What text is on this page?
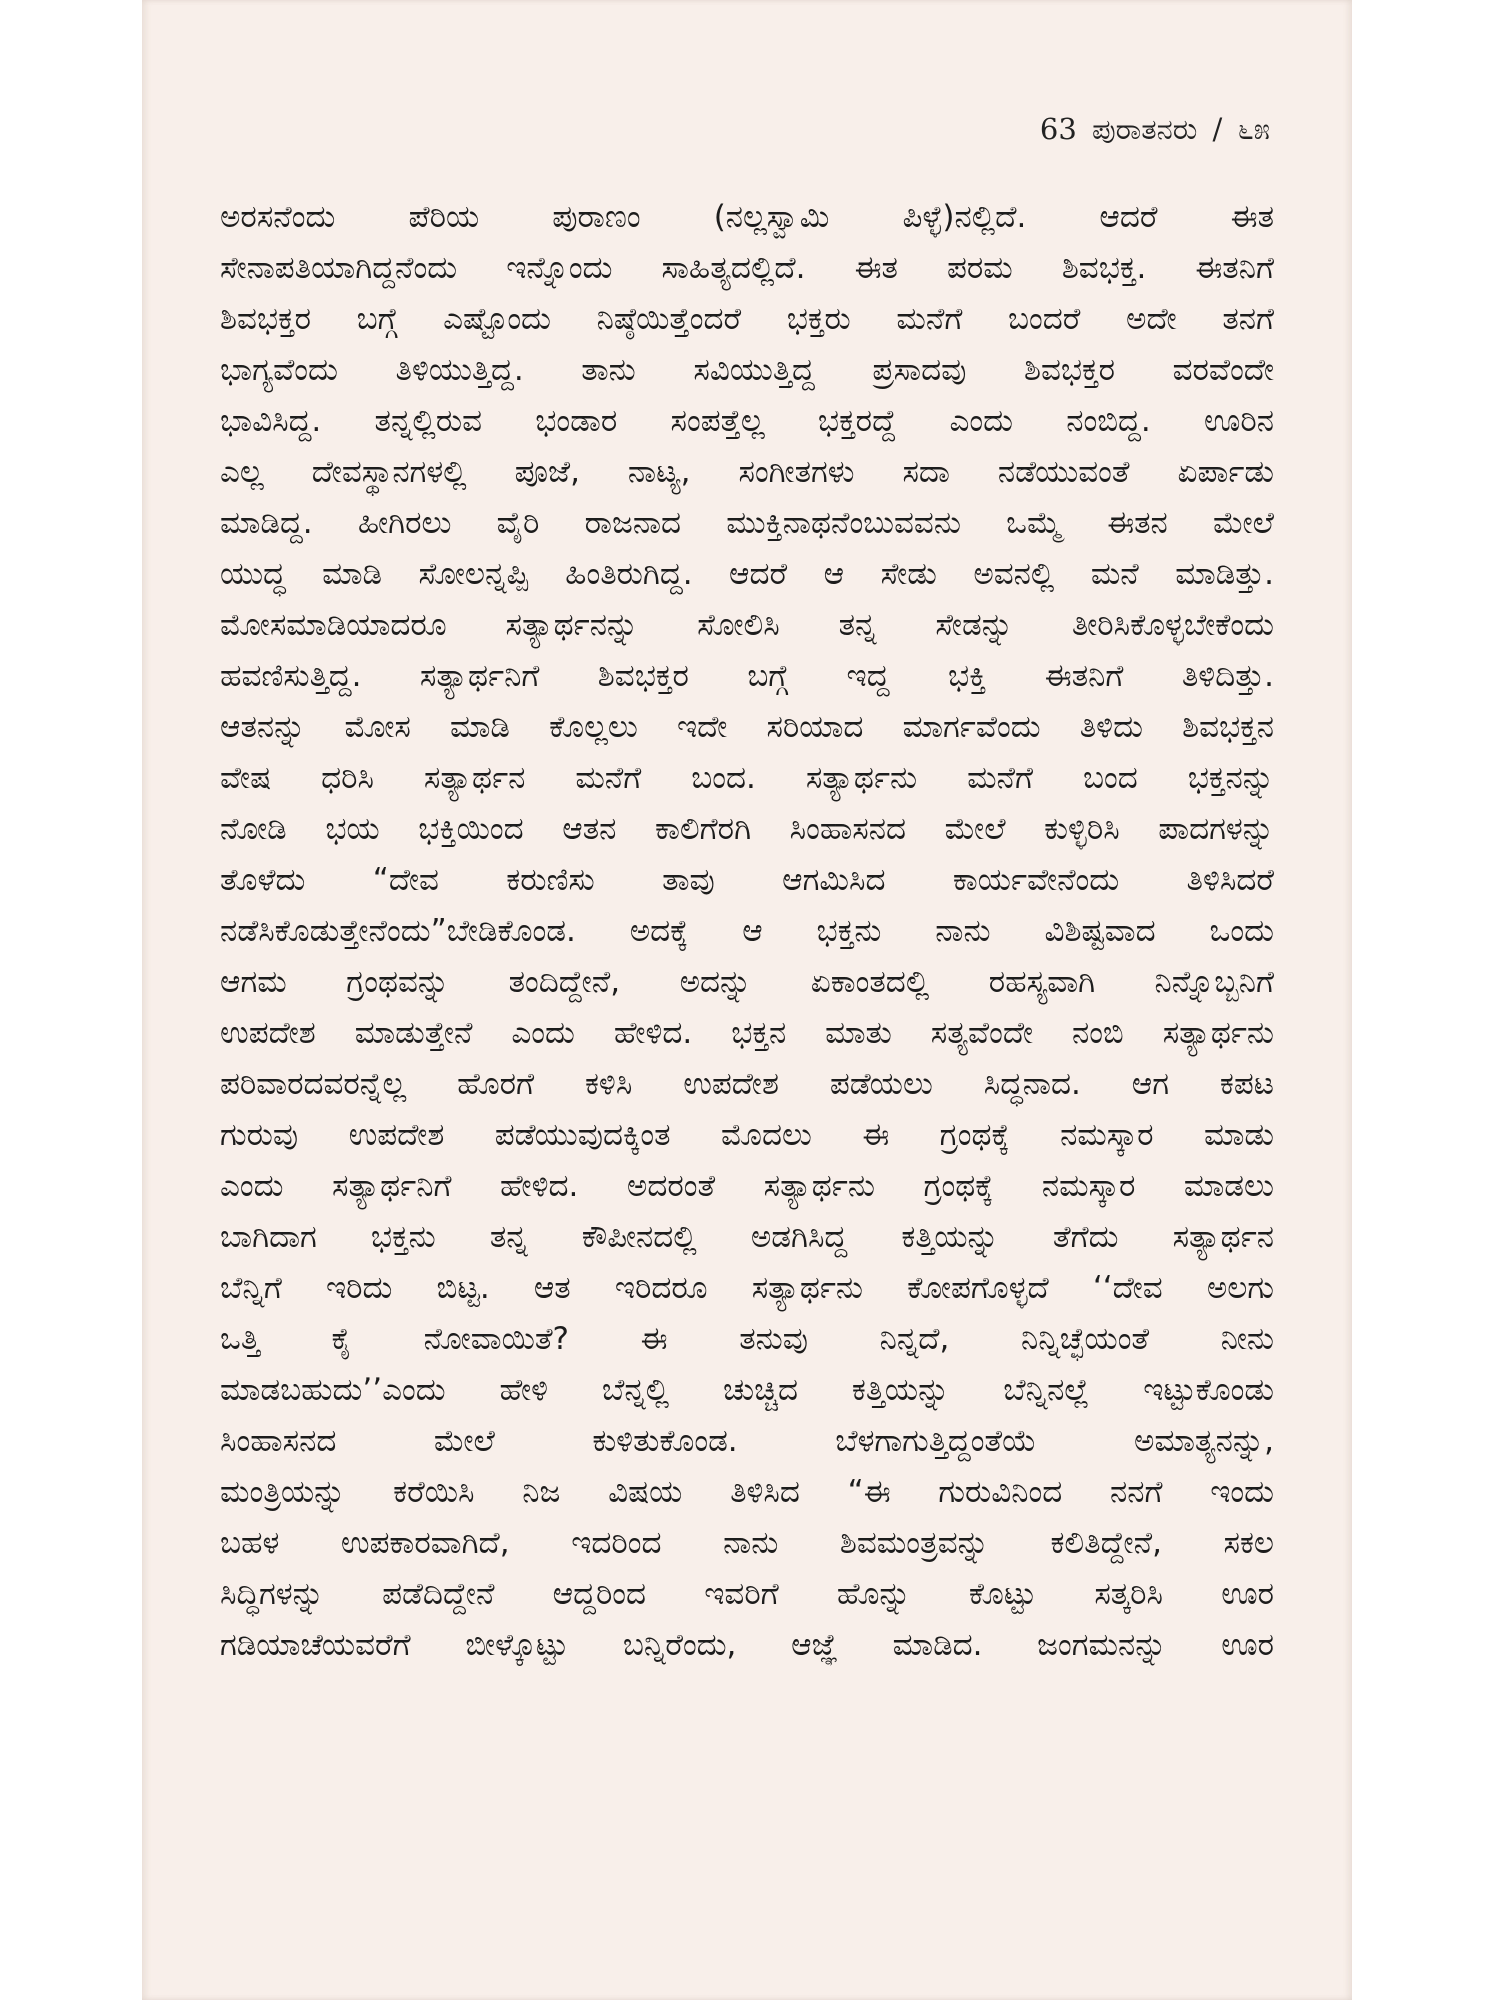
63 ಪುರಾತನರು / ೬೫
ಅರಸನೆಂದು ಪೆರಿಯ ಪುರಾಣಂ (ನಲ್ಲಸ್ವಾಮಿ ಪಿಳ್ಳೆ)ನಲ್ಲಿದೆ. ಆದರೆ ಈತ
ಸೇನಾಪತಿಯಾಗಿದ್ದನೆಂದು ಇನ್ನೊಂದು ಸಾಹಿತ್ಯದಲ್ಲಿದೆ. ಈತ ಪರಮ ಶಿವಭಕ್ತ. ಈತನಿಗೆ
ಶಿವಭಕ್ತರ ಬಗ್ಗೆ ಎಷ್ಟೊಂದು ನಿಷ್ಠೆಯಿತ್ತೆಂದರೆ ಭಕ್ತರು ಮನೆಗೆ ಬಂದರೆ ಅದೇ ತನಗೆ
ಭಾಗ್ಯವೆಂದು ತಿಳಿಯುತ್ತಿದ್ದ. ತಾನು ಸವಿಯುತ್ತಿದ್ದ ಪ್ರಸಾದವು ಶಿವಭಕ್ತರ ವರವೆಂದೇ
ಭಾವಿಸಿದ್ದ. ತನ್ನಲ್ಲಿರುವ ಭಂಡಾರ ಸಂಪತ್ತೆಲ್ಲ ಭಕ್ತರದ್ದೆ ಎಂದು ನಂಬಿದ್ದ. ಊರಿನ
ಎಲ್ಲ ದೇವಸ್ಥಾನಗಳಲ್ಲಿ ಪೂಜೆ, ನಾಟ್ಯ, ಸಂಗೀತಗಳು ಸದಾ ನಡೆಯುವಂತೆ ಏರ್ಪಾಡು
ಮಾಡಿದ್ದ. ಹೀಗಿರಲು ವೈರಿ ರಾಜನಾದ ಮುಕ್ತಿನಾಥನೆಂಬುವವನು ಒಮ್ಮೆ ಈತನ ಮೇಲೆ
ಯುದ್ಧ ಮಾಡಿ ಸೋಲನ್ನಪ್ಪಿ ಹಿಂತಿರುಗಿದ್ದ. ಆದರೆ ಆ ಸೇಡು ಅವನಲ್ಲಿ ಮನೆ ಮಾಡಿತ್ತು.
ಮೋಸಮಾಡಿಯಾದರೂ ಸತ್ಯಾರ್ಥನನ್ನು ಸೋಲಿಸಿ ತನ್ನ ಸೇಡನ್ನು ತೀರಿಸಿಕೊಳ್ಳಬೇಕೆಂದು
ಹವಣಿಸುತ್ತಿದ್ದ. ಸತ್ಯಾರ್ಥನಿಗೆ ಶಿವಭಕ್ತರ ಬಗ್ಗೆ ಇದ್ದ ಭಕ್ತಿ ಈತನಿಗೆ ತಿಳಿದಿತ್ತು.
ಆತನನ್ನು ಮೋಸ ಮಾಡಿ ಕೊಲ್ಲಲು ಇದೇ ಸರಿಯಾದ ಮಾರ್ಗವೆಂದು ತಿಳಿದು ಶಿವಭಕ್ತನ
ವೇಷ ಧರಿಸಿ ಸತ್ಯಾರ್ಥನ ಮನೆಗೆ ಬಂದ. ಸತ್ಯಾರ್ಥನು ಮನೆಗೆ ಬಂದ ಭಕ್ತನನ್ನು
ನೋಡಿ ಭಯ ಭಕ್ತಿಯಿಂದ ಆತನ ಕಾಲಿಗೆರಗಿ ಸಿಂಹಾಸನದ ಮೇಲೆ ಕುಳ್ಳಿರಿಸಿ ಪಾದಗಳನ್ನು
ತೊಳೆದು “ದೇವ ಕರುಣಿಸು ತಾವು ಆಗಮಿಸಿದ ಕಾರ್ಯವೇನೆಂದು ತಿಳಿಸಿದರೆ
ನಡೆಸಿಕೊಡುತ್ತೇನೆಂದು”ಬೇಡಿಕೊಂಡ. ಅದಕ್ಕೆ ಆ ಭಕ್ತನು ನಾನು ವಿಶಿಷ್ಟವಾದ ಒಂದು
ಆಗಮ ಗ್ರಂಥವನ್ನು ತಂದಿದ್ದೇನೆ, ಅದನ್ನು ಏಕಾಂತದಲ್ಲಿ ರಹಸ್ಯವಾಗಿ ನಿನ್ನೊಬ್ಬನಿಗೆ
ಉಪದೇಶ ಮಾಡುತ್ತೇನೆ ಎಂದು ಹೇಳಿದ. ಭಕ್ತನ ಮಾತು ಸತ್ಯವೆಂದೇ ನಂಬಿ ಸತ್ಯಾರ್ಥನು
ಪರಿವಾರದವರನ್ನೆಲ್ಲ ಹೊರಗೆ ಕಳಿಸಿ ಉಪದೇಶ ಪಡೆಯಲು ಸಿದ್ಧನಾದ. ಆಗ ಕಪಟ
ಗುರುವು ಉಪದೇಶ ಪಡೆಯುವುದಕ್ಕಿಂತ ಮೊದಲು ಈ ಗ್ರಂಥಕ್ಕೆ ನಮಸ್ಕಾರ ಮಾಡು
ಎಂದು ಸತ್ಯಾರ್ಥನಿಗೆ ಹೇಳಿದ. ಅದರಂತೆ ಸತ್ಯಾರ್ಥನು ಗ್ರಂಥಕ್ಕೆ ನಮಸ್ಕಾರ ಮಾಡಲು
ಬಾಗಿದಾಗ ಭಕ್ತನು ತನ್ನ ಕೌಪೀನದಲ್ಲಿ ಅಡಗಿಸಿದ್ದ ಕತ್ತಿಯನ್ನು ತೆಗೆದು ಸತ್ಯಾರ್ಥನ
ಬೆನ್ನಿಗೆ ಇರಿದು ಬಿಟ್ಟ. ಆತ ಇರಿದರೂ ಸತ್ಯಾರ್ಥನು ಕೋಪಗೊಳ್ಳದೆ ‘‘ದೇವ ಅಲಗು
ಒತ್ತಿ ಕೈ ನೋವಾಯಿತೆ? ಈ ತನುವು ನಿನ್ನದೆ, ನಿನ್ನಿಚ್ಛೆಯಂತೆ ನೀನು
ಮಾಡಬಹುದು’’ಎಂದು ಹೇಳಿ ಬೆನ್ನಲ್ಲಿ ಚುಚ್ಚಿದ ಕತ್ತಿಯನ್ನು ಬೆನ್ನಿನಲ್ಲೆ ಇಟ್ಟುಕೊಂಡು
ಸಿಂಹಾಸನದ ಮೇಲೆ ಕುಳಿತುಕೊಂಡ. ಬೆಳಗಾಗುತ್ತಿದ್ದಂತೆಯೆ ಅಮಾತ್ಯನನ್ನು,
ಮಂತ್ರಿಯನ್ನು ಕರೆಯಿಸಿ ನಿಜ ವಿಷಯ ತಿಳಿಸಿದ “ಈ ಗುರುವಿನಿಂದ ನನಗೆ ಇಂದು
ಬಹಳ ಉಪಕಾರವಾಗಿದೆ, ಇದರಿಂದ ನಾನು ಶಿವಮಂತ್ರವನ್ನು ಕಲಿತಿದ್ದೇನೆ, ಸಕಲ
ಸಿದ್ಧಿಗಳನ್ನು ಪಡೆದಿದ್ದೇನೆ ಆದ್ದರಿಂದ ಇವರಿಗೆ ಹೊನ್ನು ಕೊಟ್ಟು ಸತ್ಕರಿಸಿ ಊರ
ಗಡಿಯಾಚೆಯವರೆಗೆ ಬೀಳ್ಕೊಟ್ಟು ಬನ್ನಿರೆಂದು, ಆಜ್ಞೆ ಮಾಡಿದ. ಜಂಗಮನನ್ನು ಊರ
